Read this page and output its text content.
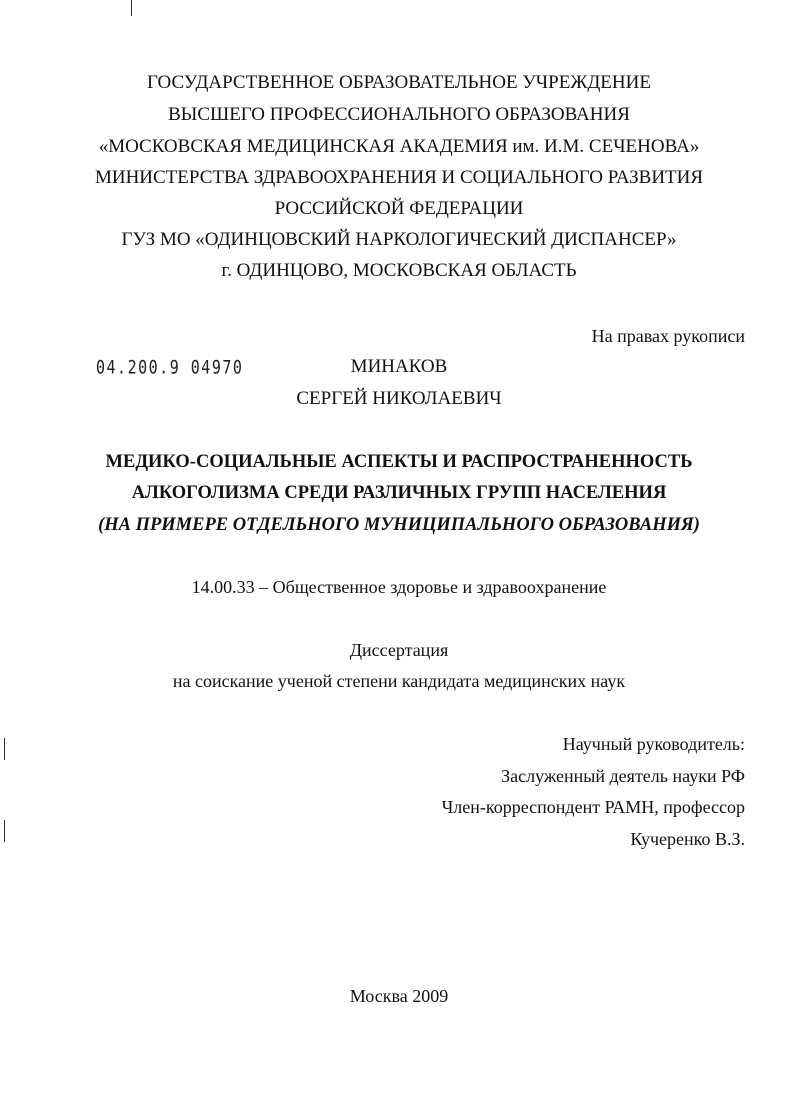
ГОСУДАРСТВЕННОЕ ОБРАЗОВАТЕЛЬНОЕ УЧРЕЖДЕНИЕ
ВЫСШЕГО ПРОФЕССИОНАЛЬНОГО ОБРАЗОВАНИЯ
«МОСКОВСКАЯ МЕДИЦИНСКАЯ АКАДЕМИЯ им. И.М. СЕЧЕНОВА»
МИНИСТЕРСТВА ЗДРАВООХРАНЕНИЯ И СОЦИАЛЬНОГО РАЗВИТИЯ
РОССИЙСКОЙ ФЕДЕРАЦИИ
ГУЗ МО «ОДИНЦОВСКИЙ НАРКОЛОГИЧЕСКИЙ ДИСПАНСЕР»
г. ОДИНЦОВО, МОСКОВСКАЯ ОБЛАСТЬ
На правах рукописи
04.200.9 04970	МИНАКОВ
СЕРГЕЙ НИКОЛАЕВИЧ
МЕДИКО-СОЦИАЛЬНЫЕ АСПЕКТЫ И РАСПРОСТРАНЕННОСТЬ
АЛКОГОЛИЗМА СРЕДИ РАЗЛИЧНЫХ ГРУПП НАСЕЛЕНИЯ
(НА ПРИМЕРЕ ОТДЕЛЬНОГО МУНИЦИПАЛЬНОГО ОБРАЗОВАНИЯ)
14.00.33 – Общественное здоровье и здравоохранение
Диссертация
на соискание ученой степени кандидата медицинских наук
Научный руководитель:
Заслуженный деятель науки РФ
Член-корреспондент РАМН, профессор
Кучеренко В.З.
Москва 2009
